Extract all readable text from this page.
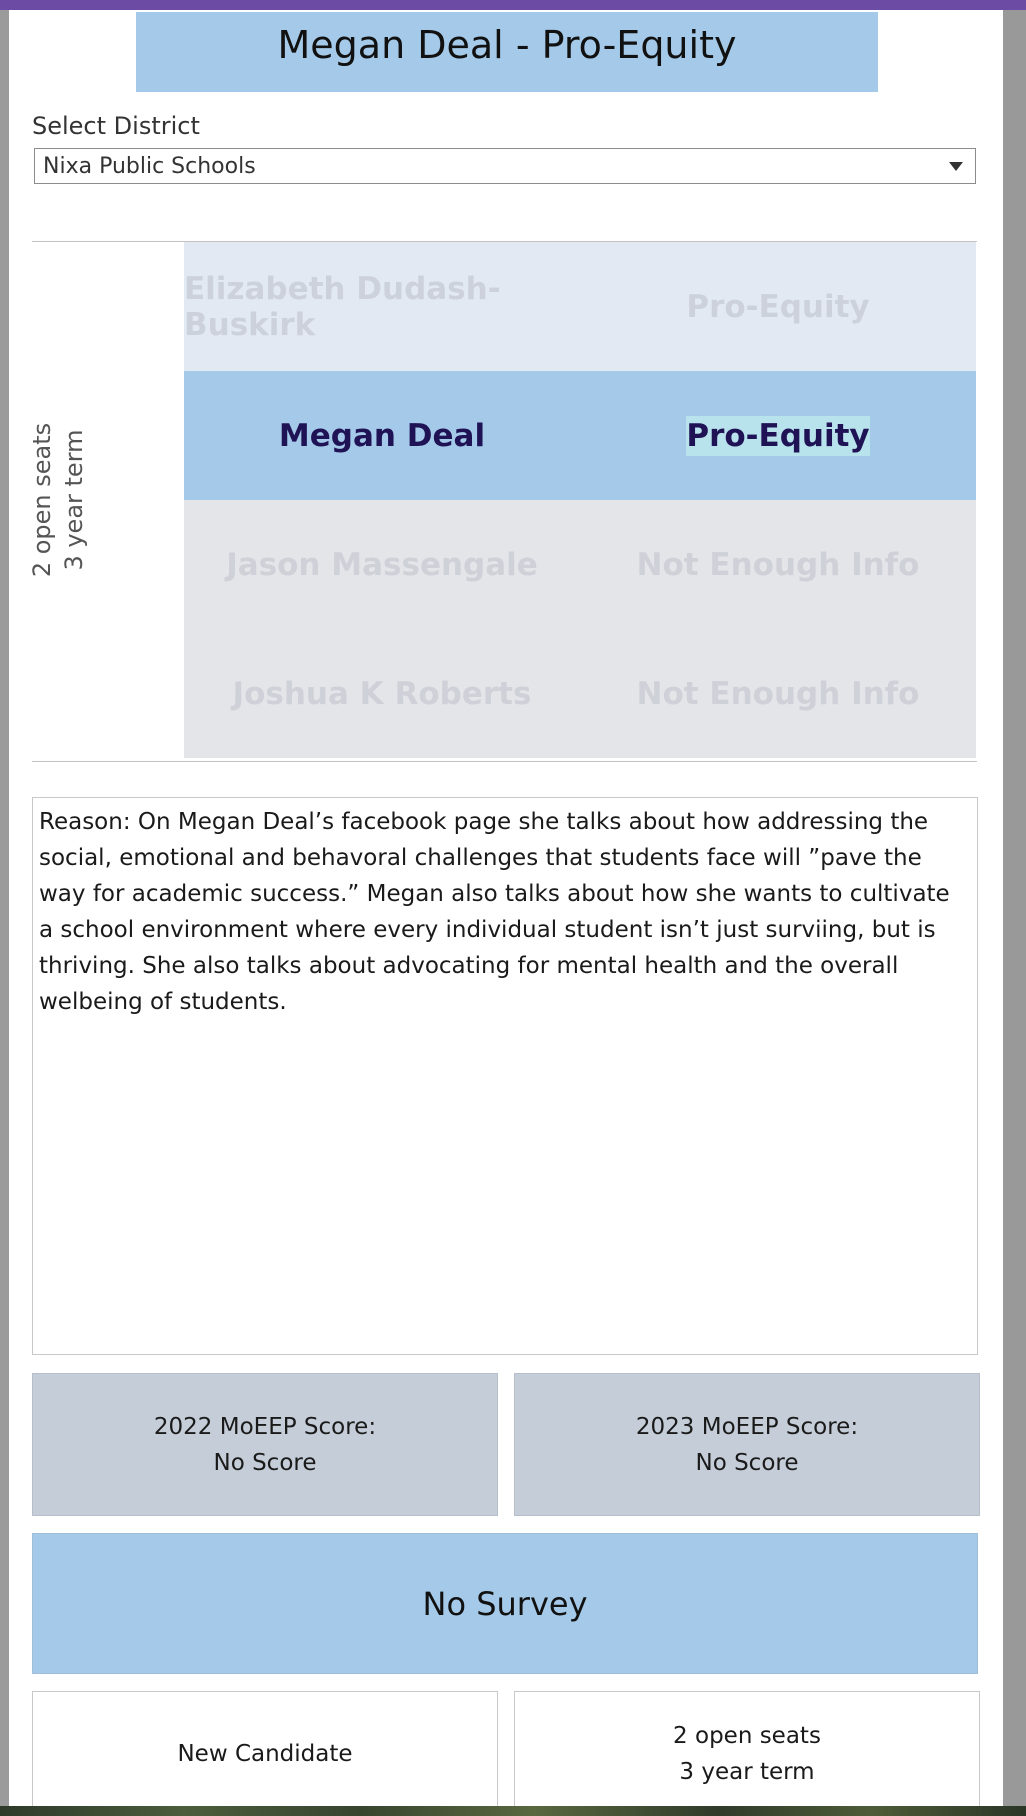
Megan Deal - Pro-Equity
Select District
Nixa Public Schools
2 open seats 3 year term
Elizabeth Dudash-Buskirk	Pro-Equity
Megan Deal	Pro-Equity
Jason Massengale	Not Enough Info
Joshua K Roberts	Not Enough Info

Reason: On Megan Deal’s facebook page she talks about how addressing the social, emotional and behavoral challenges that students face will ”pave the way for academic success.” Megan also talks about how she wants to cultivate a school environment where every individual student isn’t just surviing, but is thriving. She also talks about advocating for mental health and the overall welbeing of students.

2022 MoEEP Score:
No Score
2023 MoEEP Score:
No Score
No Survey
New Candidate
2 open seats
3 year term
